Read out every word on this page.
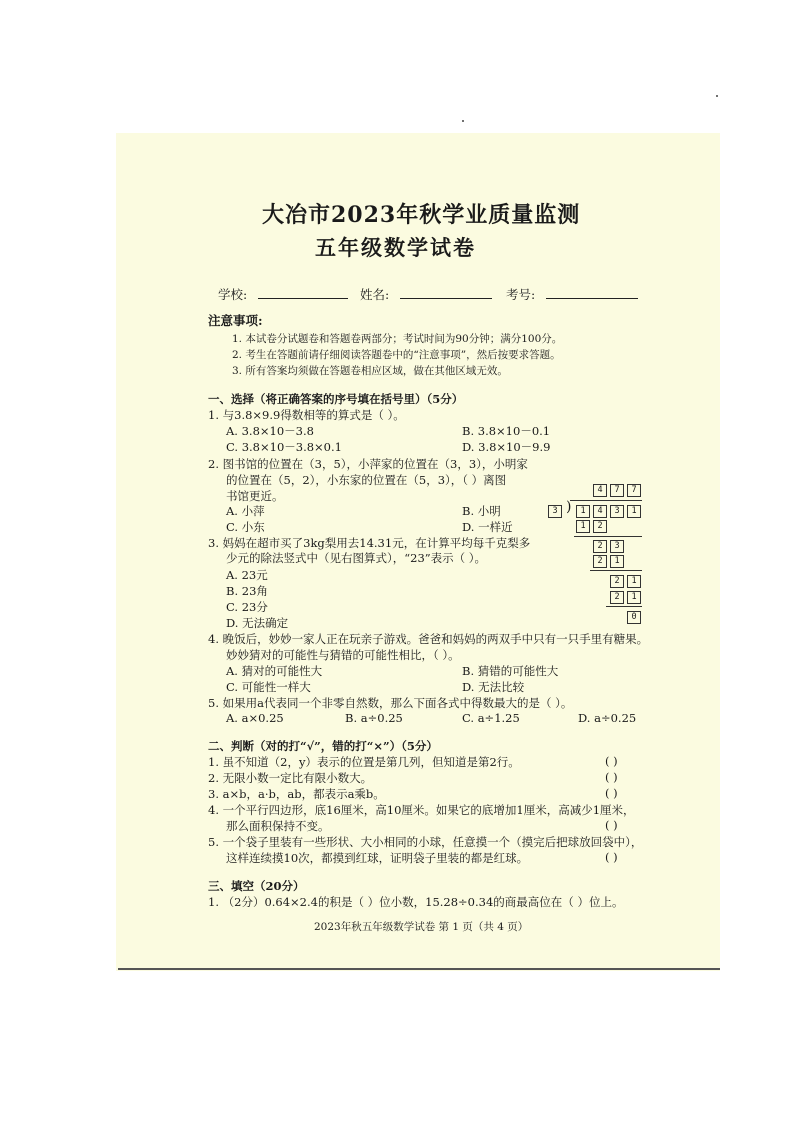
大冶市2023年秋学业质量监测
五年级数学试卷
学校:	姓名:	考号:
注意事项:
1. 本试卷分试题卷和答题卷两部分；考试时间为90分钟；满分100分。
2. 考生在答题前请仔细阅读答题卷中的“注意事项”，然后按要求答题。
3. 所有答案均须做在答题卷相应区域，做在其他区域无效。
一、选择（将正确答案的序号填在括号里）（5分）
1. 与3.8×9.9得数相等的算式是（ ）。
A. 3.8×10－3.8	B. 3.8×10－0.1
C. 3.8×10－3.8×0.1	D. 3.8×10－9.9
2. 图书馆的位置在（3，5），小萍家的位置在（3，3），小明家
的位置在（5，2），小东家的位置在（5，3），（ ）离图
书馆更近。
A. 小萍	B. 小明
C. 小东	D. 一样近
3. 妈妈在超市买了3kg梨用去14.31元，在计算平均每千克梨多
少元的除法竖式中（见右图算式），“23”表示（ ）。
A. 23元
B. 23角
C. 23分
D. 无法确定
4	7	7
)
3	1	4	3	1
1	2
2	3
2	1
2	1
2	1
0
4. 晚饭后，妙妙一家人正在玩亲子游戏。爸爸和妈妈的两双手中只有一只手里有糖果。
妙妙猜对的可能性与猜错的可能性相比，（ ）。
A. 猜对的可能性大	B. 猜错的可能性大
C. 可能性一样大	D. 无法比较
5. 如果用a代表同一个非零自然数，那么下面各式中得数最大的是（ ）。
A. a×0.25	B. a÷0.25	C. a÷1.25	D. a÷0.25
二、判断（对的打“√”，错的打“×”）（5分）
1. 虽不知道（2，y）表示的位置是第几列，但知道是第2行。	( )
2. 无限小数一定比有限小数大。	( )
3. a×b，a·b，ab，都表示a乘b。	( )
4. 一个平行四边形，底16厘米，高10厘米。如果它的底增加1厘米，高减少1厘米，
那么面积保持不变。	( )
5. 一个袋子里装有一些形状、大小相同的小球，任意摸一个（摸完后把球放回袋中），
这样连续摸10次，都摸到红球，证明袋子里装的都是红球。	( )
三、填空（20分）
1. （2分）0.64×2.4的积是（ ）位小数，15.28÷0.34的商最高位在（ ）位上。
2023年秋五年级数学试卷 第 1 页（共 4 页）
